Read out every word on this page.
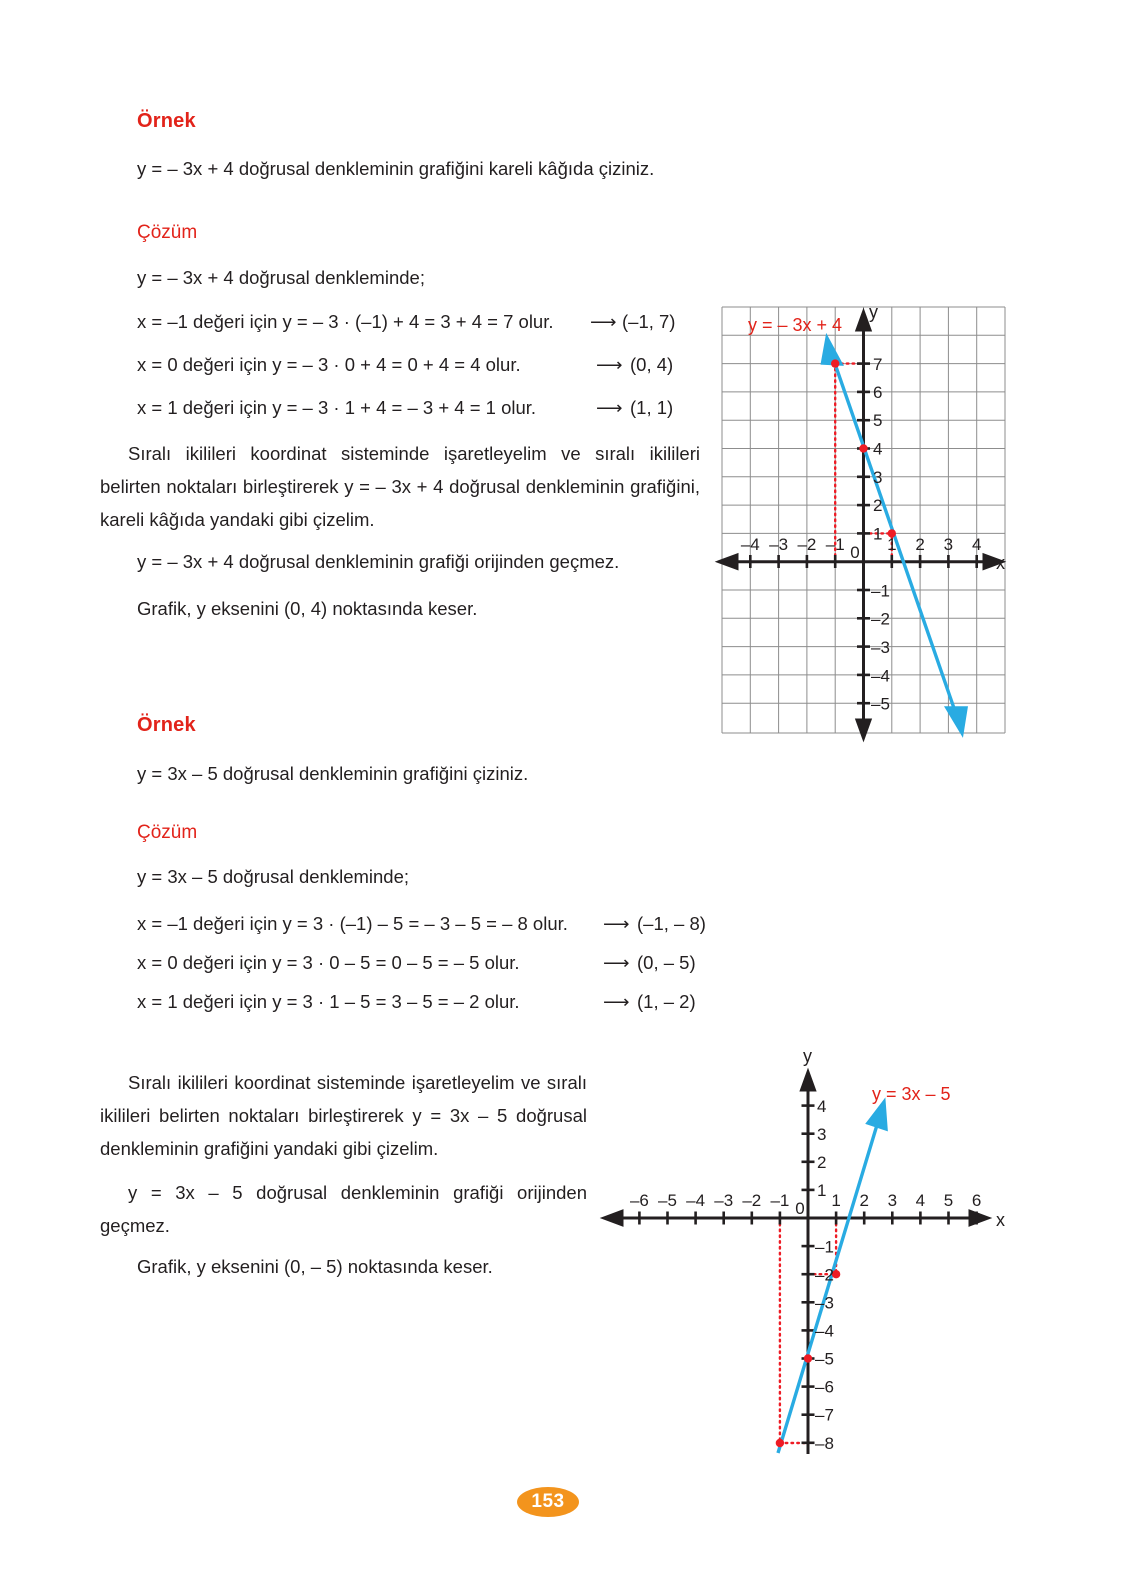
Örnek
y = – 3x + 4 doğrusal denkleminin grafiğini kareli kâğıda çiziniz.
Çözüm
y = – 3x + 4 doğrusal denkleminde;
x = –1 değeri için y = – 3 · (–1) + 4 = 3 + 4 = 7 olur. ⟶ (–1, 7)
x = 0 değeri için y = – 3 · 0 + 4 = 0 + 4 = 4 olur.	⟶ (0, 4)
x = 1 değeri için y = – 3 · 1 + 4 = – 3 + 4 = 1 olur.	⟶ (1, 1)
Sıralı ikilileri koordinat sisteminde işaretleyelim ve sıralı ikilileri belirten noktaları birleştirerek y = – 3x + 4 doğrusal denkleminin grafiğini, kareli kâğıda yandaki gibi çizelim.
y = – 3x + 4 doğrusal denkleminin grafiği orijinden geçmez.
Grafik, y eksenini (0, 4) noktasında keser.
–4 –3 –2 –1 0 1 2 3 4
7
6
5
4
3
2
1
–1
–2
–3
–4
–5
y
x
y = – 3x + 4
Örnek
y = 3x – 5 doğrusal denkleminin grafiğini çiziniz.
Çözüm
y = 3x – 5 doğrusal denkleminde;
x = –1 değeri için y = 3 · (–1) – 5 = – 3 – 5 = – 8 olur. ⟶ (–1, – 8)
x = 0 değeri için y = 3 · 0 – 5 = 0 – 5 = – 5 olur.	⟶ (0, – 5)
x = 1 değeri için y = 3 · 1 – 5 = 3 – 5 = – 2 olur.	⟶ (1, – 2)
Sıralı ikilileri koordinat sisteminde işaretleyelim ve sıralı ikilileri belirten noktaları birleştirerek y = 3x – 5 doğrusal denkleminin grafiğini yandaki gibi çizelim.
y = 3x – 5 doğrusal denkleminin grafiği orijinden geçmez.
Grafik, y eksenini (0, – 5) noktasında keser.
–6 –5 –4 –3 –2 –1 0 1 2 3 4 5 6
4
3
2
1
–1
–2
–3
–4
–5
–6
–7
–8
y
x
y = 3x – 5
153
